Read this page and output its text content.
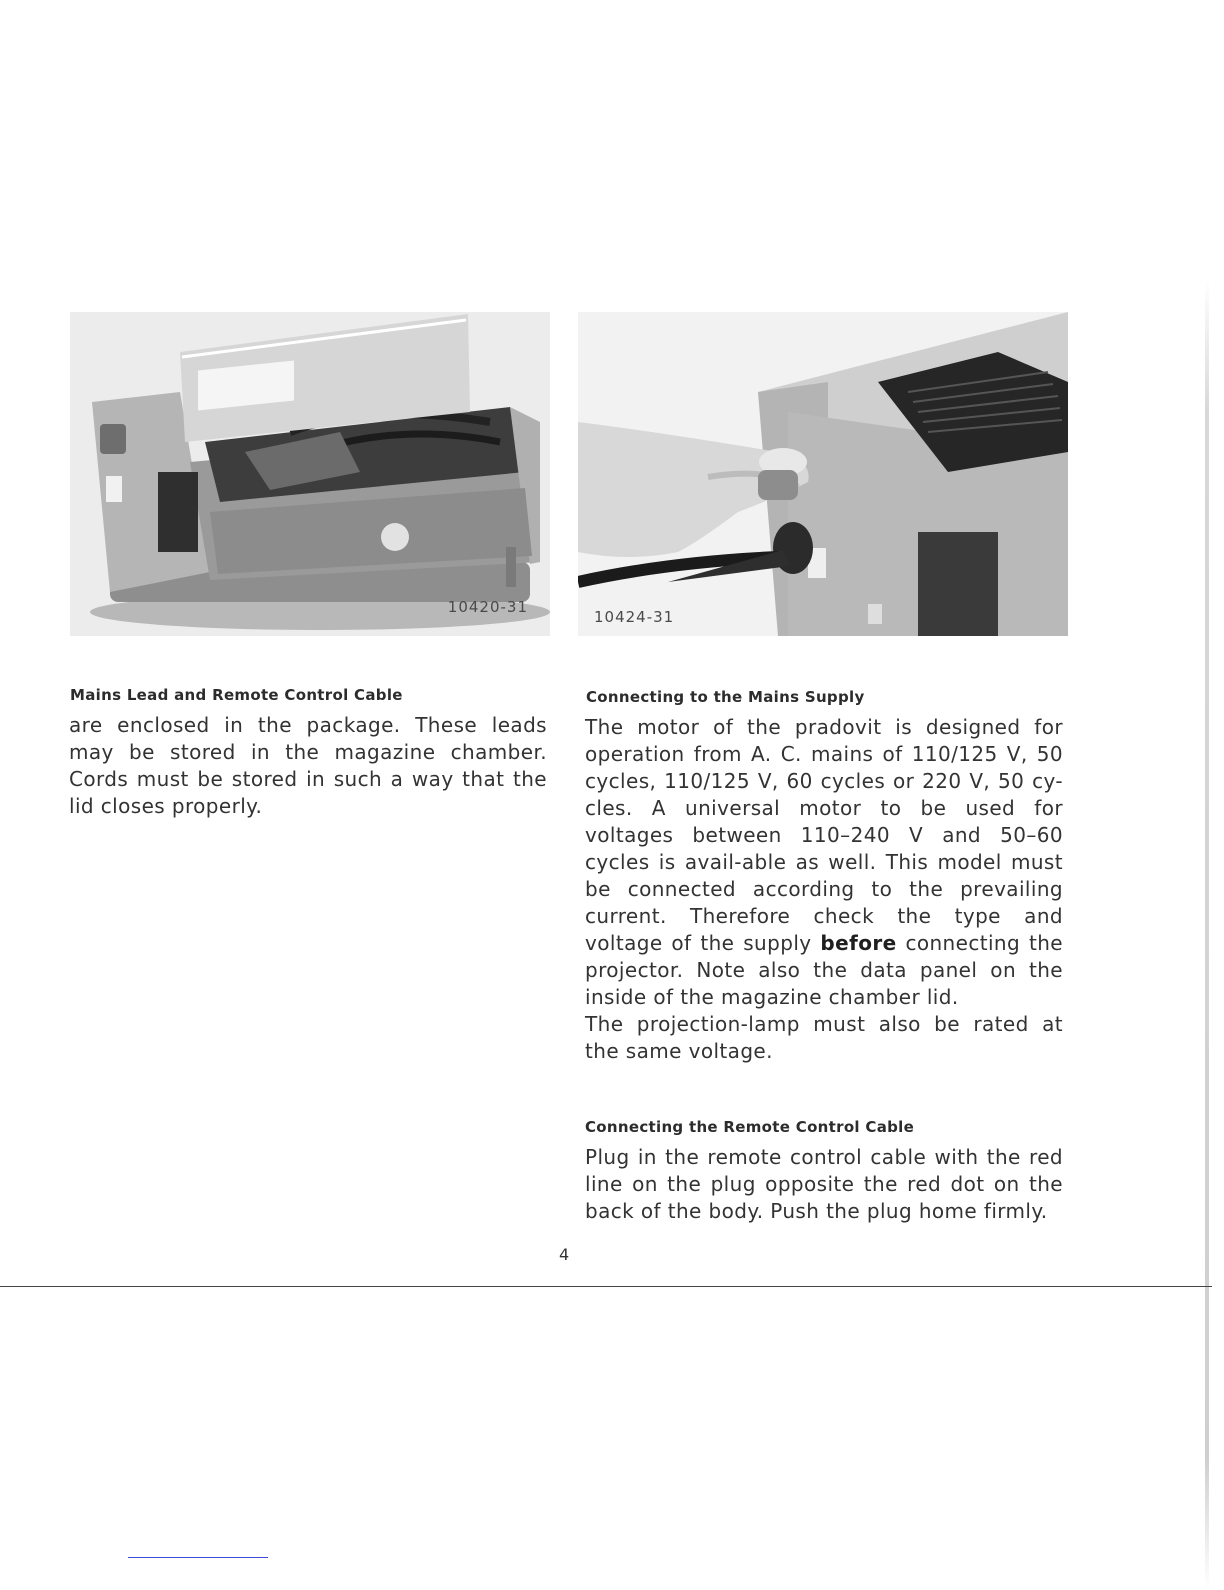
10420-31
10424-31
Mains Lead and Remote Control Cable

are enclosed in the package. These leads may be stored in the magazine chamber. Cords must be stored in such a way that the lid closes properly.

Connecting to the Mains Supply

The motor of the pradovit is designed for operation from A. C. mains of 110/125 V, 50 cycles, 110/125 V, 60 cycles or 220 V, 50 cy-cles. A universal motor to be used for voltages between 110–240 V and 50–60 cycles is avail-able as well. This model must be connected according to the prevailing current. Therefore check the type and voltage of the supply before connecting the projector. Note also the data panel on the inside of the magazine chamber lid.

The projection-lamp must also be rated at the same voltage.

Connecting the Remote Control Cable

Plug in the remote control cable with the red line on the plug opposite the red dot on the back of the body. Push the plug home firmly.

4
